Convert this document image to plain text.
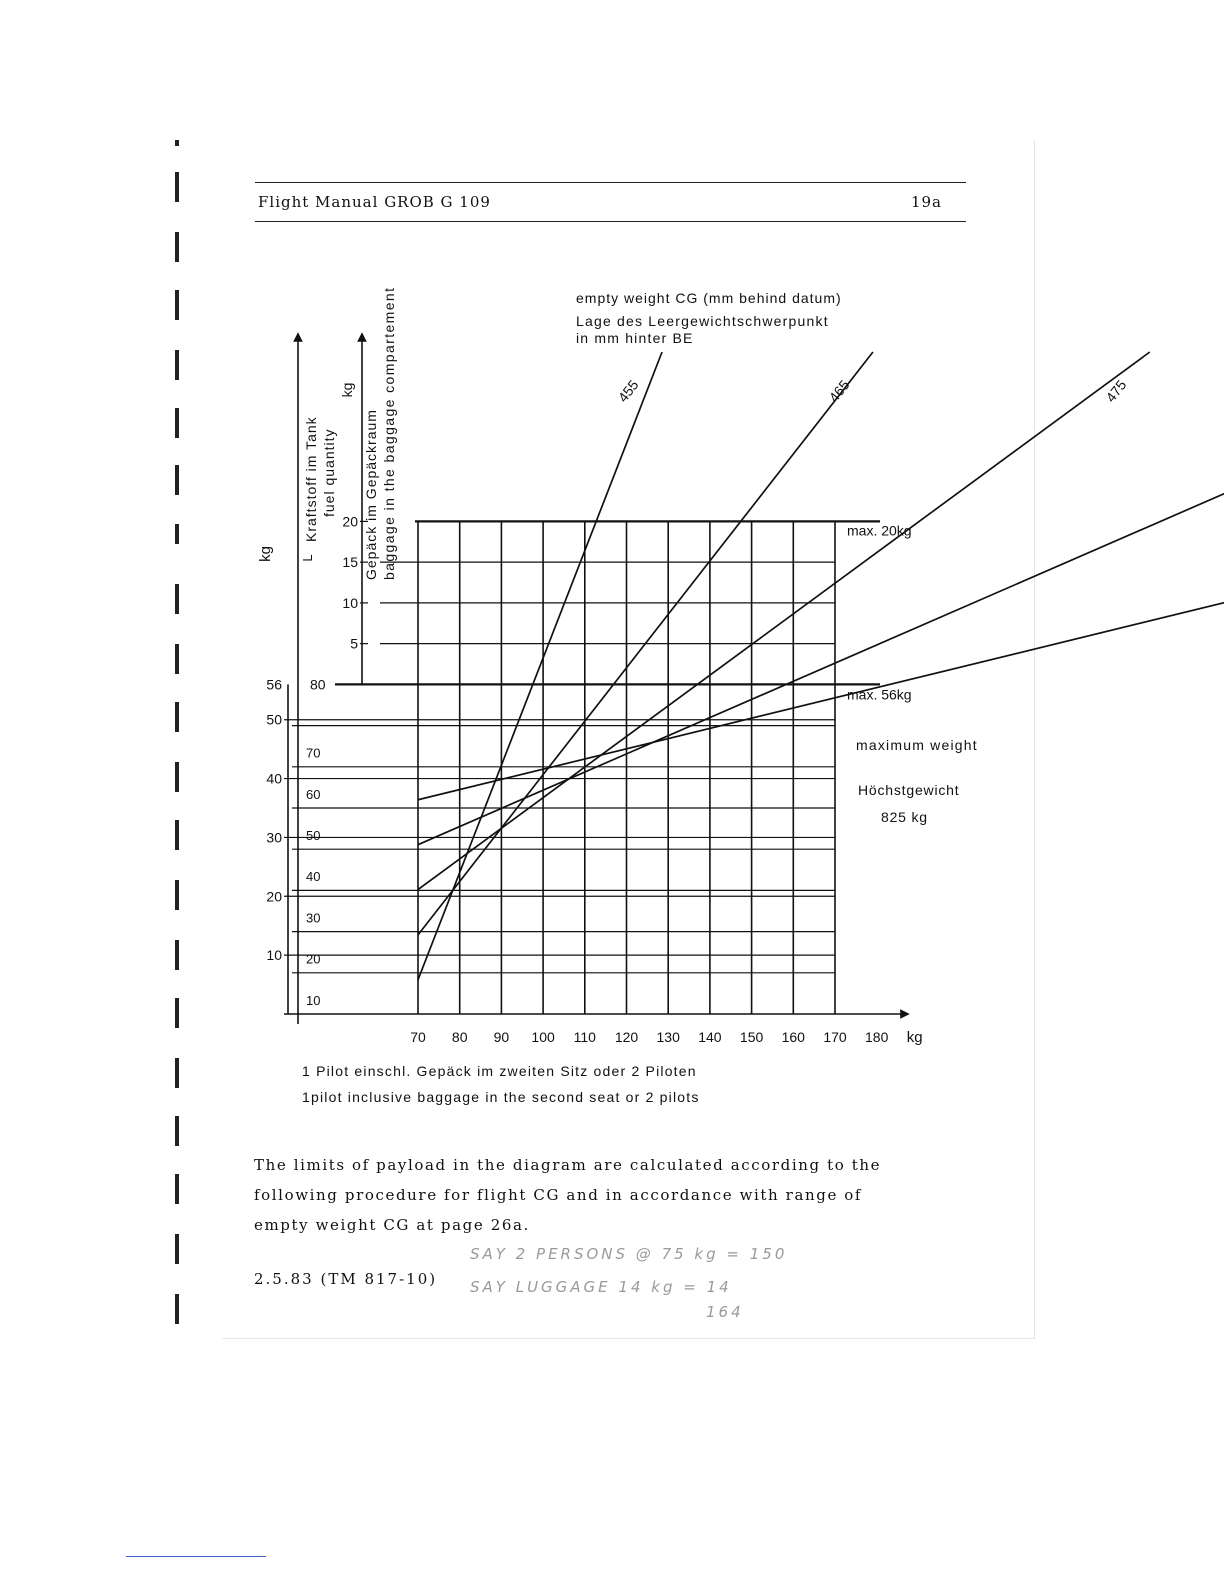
Flight Manual GROB G 109	19a
70 80 90 100 110 120 130 140 150 160 170 180 kg
10
20
30
40
50
56
kg
10
20
30
40
50
60
70
80
L
Kraftstoff im Tank fuel quantity
5
10
15
20
kg
Gepäck im Gepäckraum baggage in the baggage compartement	455	465	475
empty weight CG (mm behind datum)
Lage des Leergewichtschwerpunkt
in mm hinter BE
max. 20kg
max. 56kg
maximum weight
Höchstgewicht
825 kg
1 Pilot einschl. Gepäck im zweiten Sitz oder 2 Piloten
1pilot inclusive baggage in the second seat or 2 pilots
The limits of payload in the diagram are calculated according to the following procedure for flight CG and in accordance with range of empty weight CG at page 26a.
2.5.83 (TM 817-10)
SAY 2 PERSONS @ 75 kg = 150
SAY LUGGAGE 14 kg = 14
164
